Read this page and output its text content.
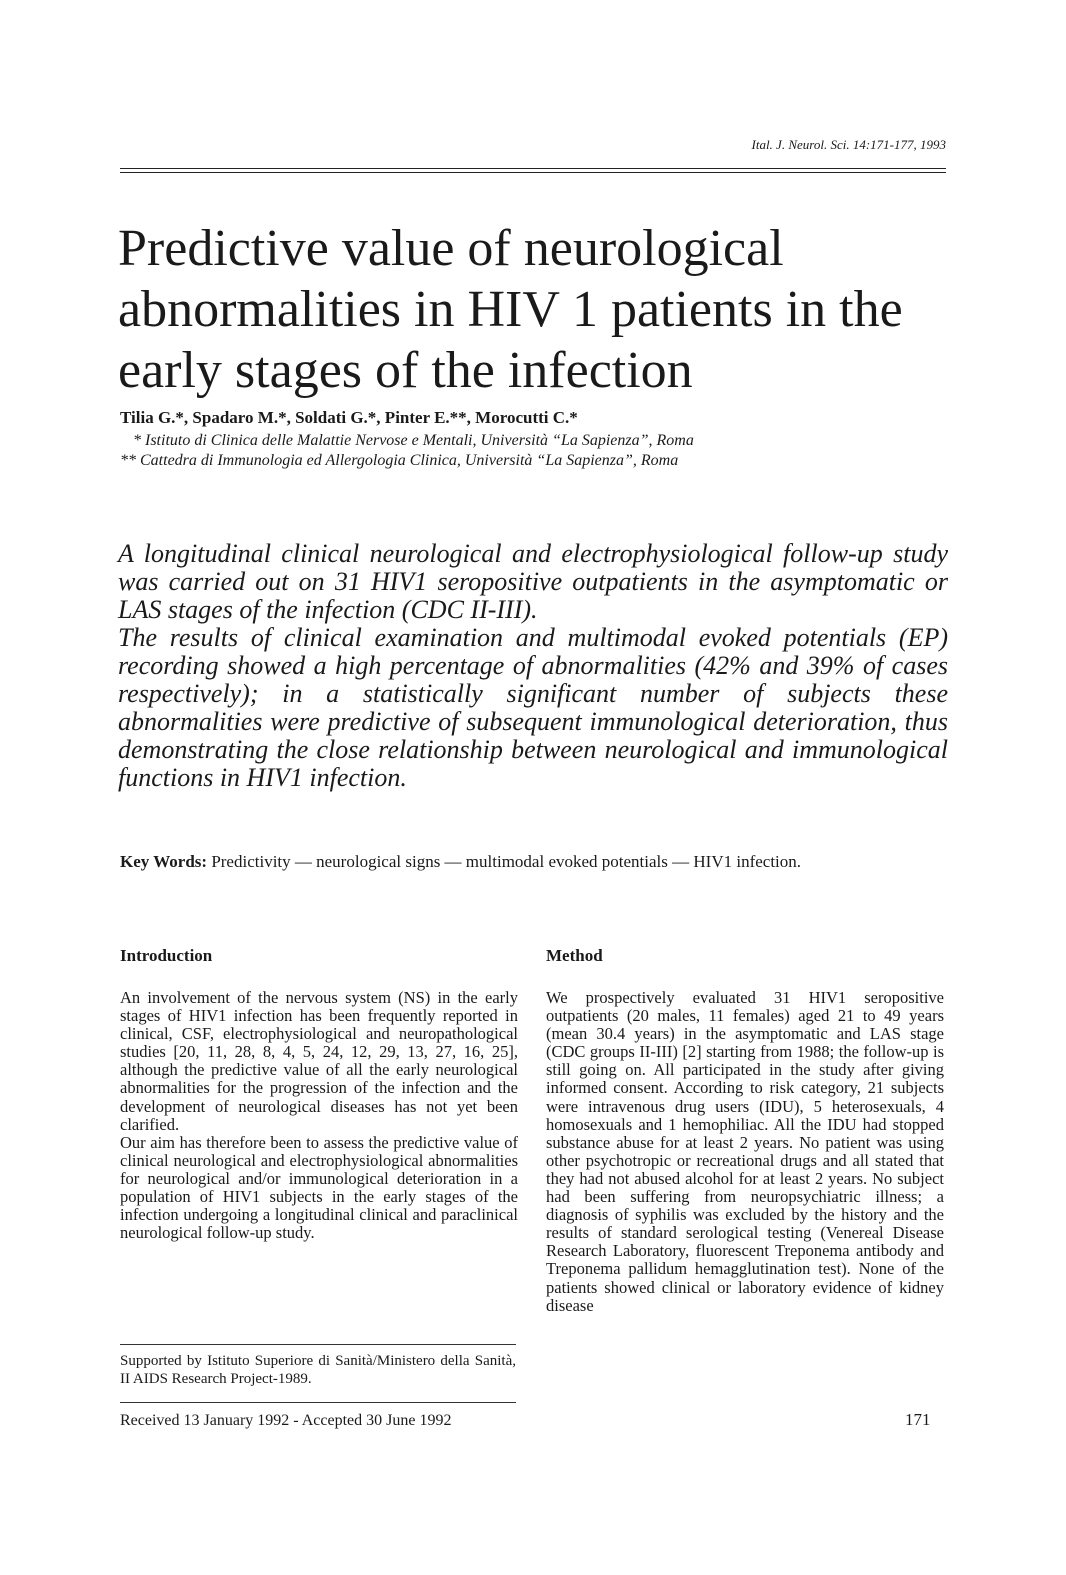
Ital. J. Neurol. Sci. 14:171-177, 1993
Predictive value of neurological abnormalities in HIV 1 patients in the early stages of the infection
Tilia G.*, Spadaro M.*, Soldati G.*, Pinter E.**, Morocutti C.*
* Istituto di Clinica delle Malattie Nervose e Mentali, Università “La Sapienza”, Roma
** Cattedra di Immunologia ed Allergologia Clinica, Università “La Sapienza”, Roma

A longitudinal clinical neurological and electrophysiological follow-up study was carried out on 31 HIV1 seropositive outpatients in the asymptomatic or LAS stages of the infection (CDC II-III).

The results of clinical examination and multimodal evoked potentials (EP) recording showed a high percentage of abnormalities (42% and 39% of cases respectively); in a statistically significant number of subjects these abnormalities were predictive of subsequent immunological deterioration, thus demonstrating the close relationship between neurological and immunological functions in HIV1 infection.

Key Words: Predictivity — neurological signs — multimodal evoked potentials — HIV1 infection.
Introduction

An involvement of the nervous system (NS) in the early stages of HIV1 infection has been frequently reported in clinical, CSF, electrophysiological and neuropathological studies [20, 11, 28, 8, 4, 5, 24, 12, 29, 13, 27, 16, 25], although the predictive value of all the early neurological abnormalities for the progression of the infection and the development of neurological diseases has not yet been clarified.

Our aim has therefore been to assess the predictive value of clinical neurological and electrophysiological abnormalities for neurological and/or immunological deterioration in a population of HIV1 subjects in the early stages of the infection undergoing a longitudinal clinical and paraclinical neurological follow-up study.

Method

We prospectively evaluated 31 HIV1 seropositive outpatients (20 males, 11 females) aged 21 to 49 years (mean 30.4 years) in the asymptomatic and LAS stage (CDC groups II-III) [2] starting from 1988; the follow-up is still going on. All participated in the study after giving informed consent. According to risk category, 21 subjects were intravenous drug users (IDU), 5 heterosexuals, 4 homosexuals and 1 hemophiliac. All the IDU had stopped substance abuse for at least 2 years. No patient was using other psychotropic or recreational drugs and all stated that they had not abused alcohol for at least 2 years. No subject had been suffering from neuropsychiatric illness; a diagnosis of syphilis was excluded by the history and the results of standard serological testing (Venereal Disease Research Laboratory, fluorescent Treponema antibody and Treponema pallidum hemagglutination test). None of the patients showed clinical or laboratory evidence of kidney disease

Supported by Istituto Superiore di Sanità/Ministero della Sanità, II AIDS Research Project-1989.

Received 13 January 1992 - Accepted 30 June 1992	171
